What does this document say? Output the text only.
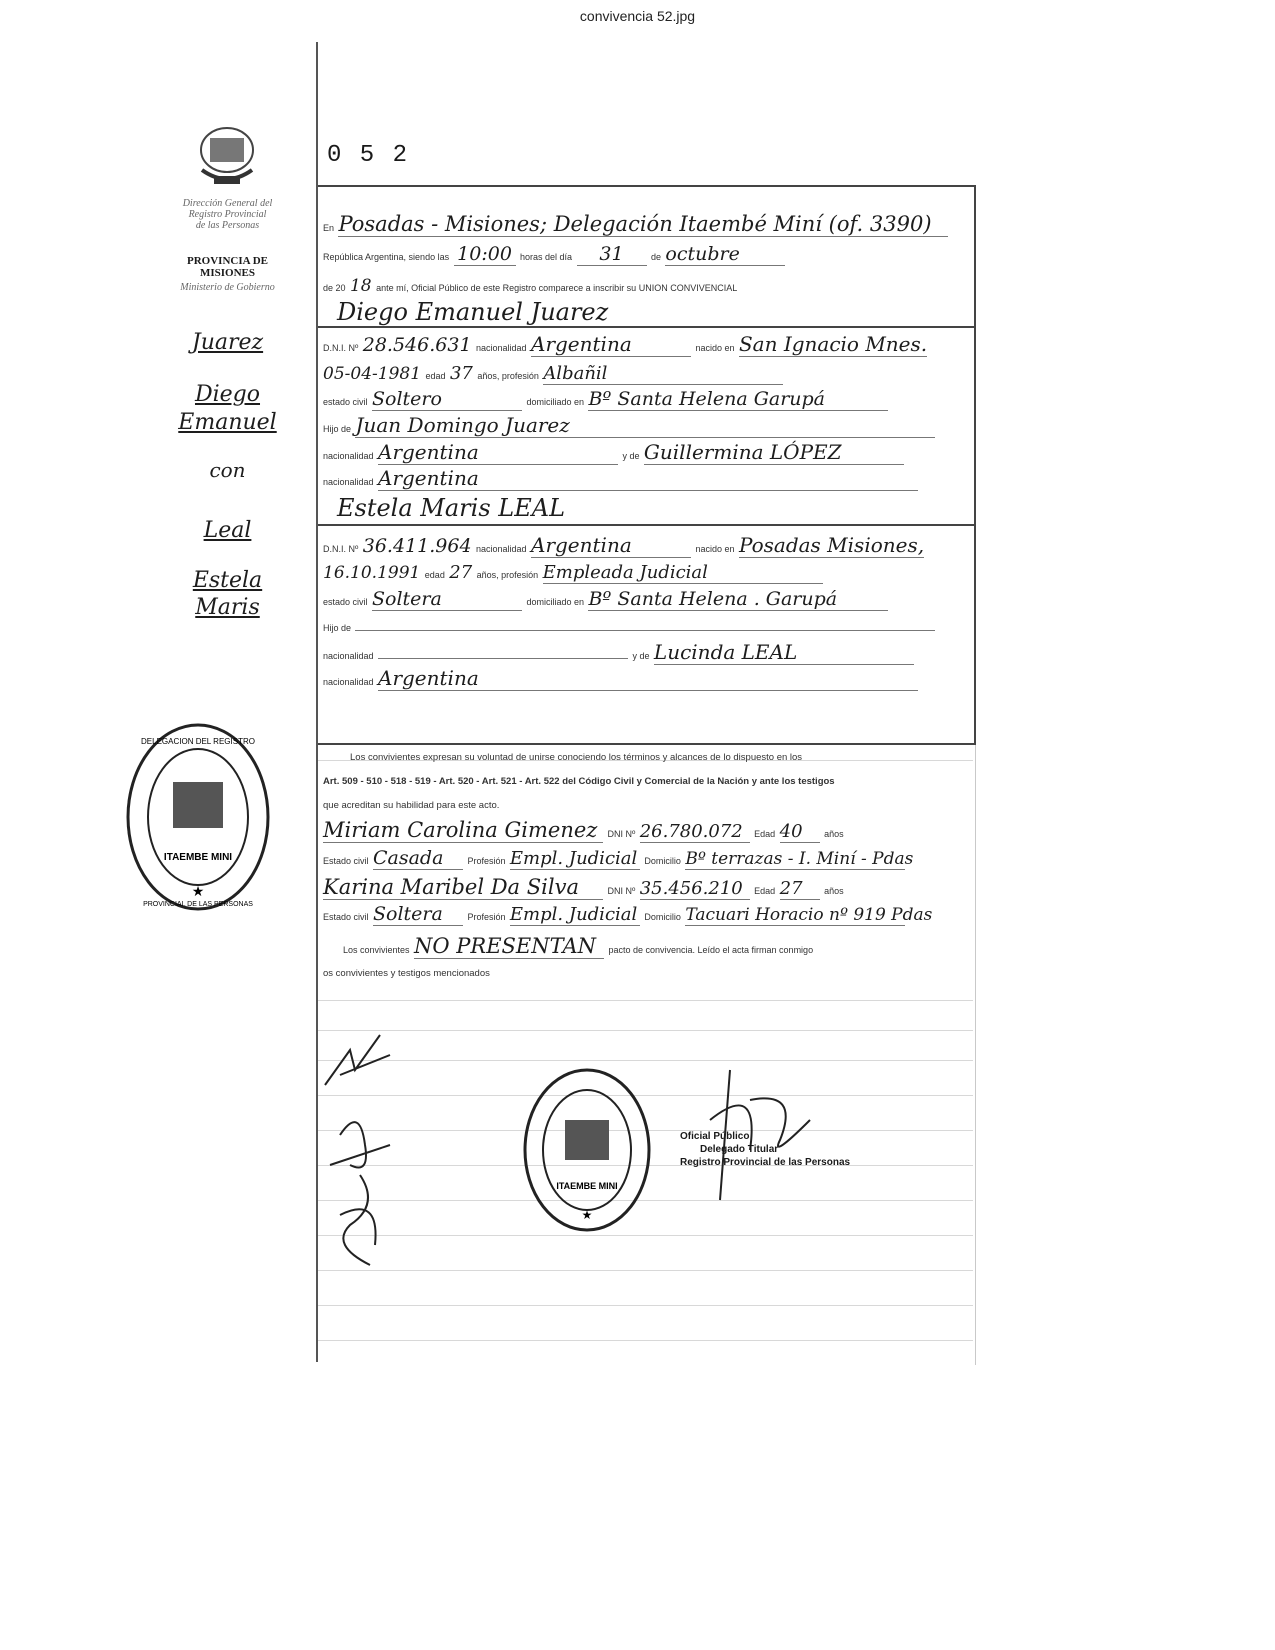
convivencia 52.jpg
Dirección General del
Registro Provincial
de las Personas
PROVINCIA DE
MISIONES
Ministerio de Gobierno
Juarez
Diego
Emanuel
con
Leal
Estela
Maris
ITAEMBE MINI
★
DELEGACION DEL REGISTRO
PROVINCIAL DE LAS PERSONAS
0 5 2
En Posadas - Misiones; Delegación Itaembé Miní (of. 3390)
República Argentina, siendo las 10:00 horas del día 31	de octubre
de 20 18 ante mí, Oficial Público de este Registro comparece a inscribir su UNION CONVIVENCIAL
Diego Emanuel Juarez
D.N.I. Nº 28.546.631 nacionalidad Argentina	nacido en San Ignacio Mnes.
05-04-1981 edad 37 años, profesión Albañil
estado civil Soltero	domiciliado en Bº Santa Helena Garupá
Hijo de Juan Domingo Juarez
nacionalidad Argentina	y de Guillermina LÓPEZ
nacionalidad Argentina
Estela Maris LEAL
D.N.I. Nº 36.411.964 nacionalidad Argentina	nacido en Posadas Misiones,
16.10.1991 edad 27 años, profesión Empleada Judicial
estado civil Soltera	domiciliado en Bº Santa Helena . Garupá
Hijo de
nacionalidad	y de Lucinda LEAL
nacionalidad Argentina
Los convivientes expresan su voluntad de unirse conociendo los términos y alcances de lo dispuesto en los
Art. 509 - 510 - 518 - 519 - Art. 520 - Art. 521 - Art. 522 del Código Civil y Comercial de la Nación y ante los testigos
que acreditan su habilidad para este acto.
Miriam Carolina Gimenez DNI Nº 26.780.072 Edad 40 años
Estado civil Casada	Profesión Empl. Judicial Domicilio Bº terrazas - I. Miní - Pdas
Karina Maribel Da Silva	DNI Nº 35.456.210 Edad 27 años
Estado civil Soltera	Profesión Empl. Judicial Domicilio Tacuari Horacio nº 919 Pdas
Los convivientes NO PRESENTAN pacto de convivencia. Leído el acta firman conmigo
os convivientes y testigos mencionados
ITAEMBE MINI
★
Oficial Público
Delegado Titular
Registro Provincial de las Personas
